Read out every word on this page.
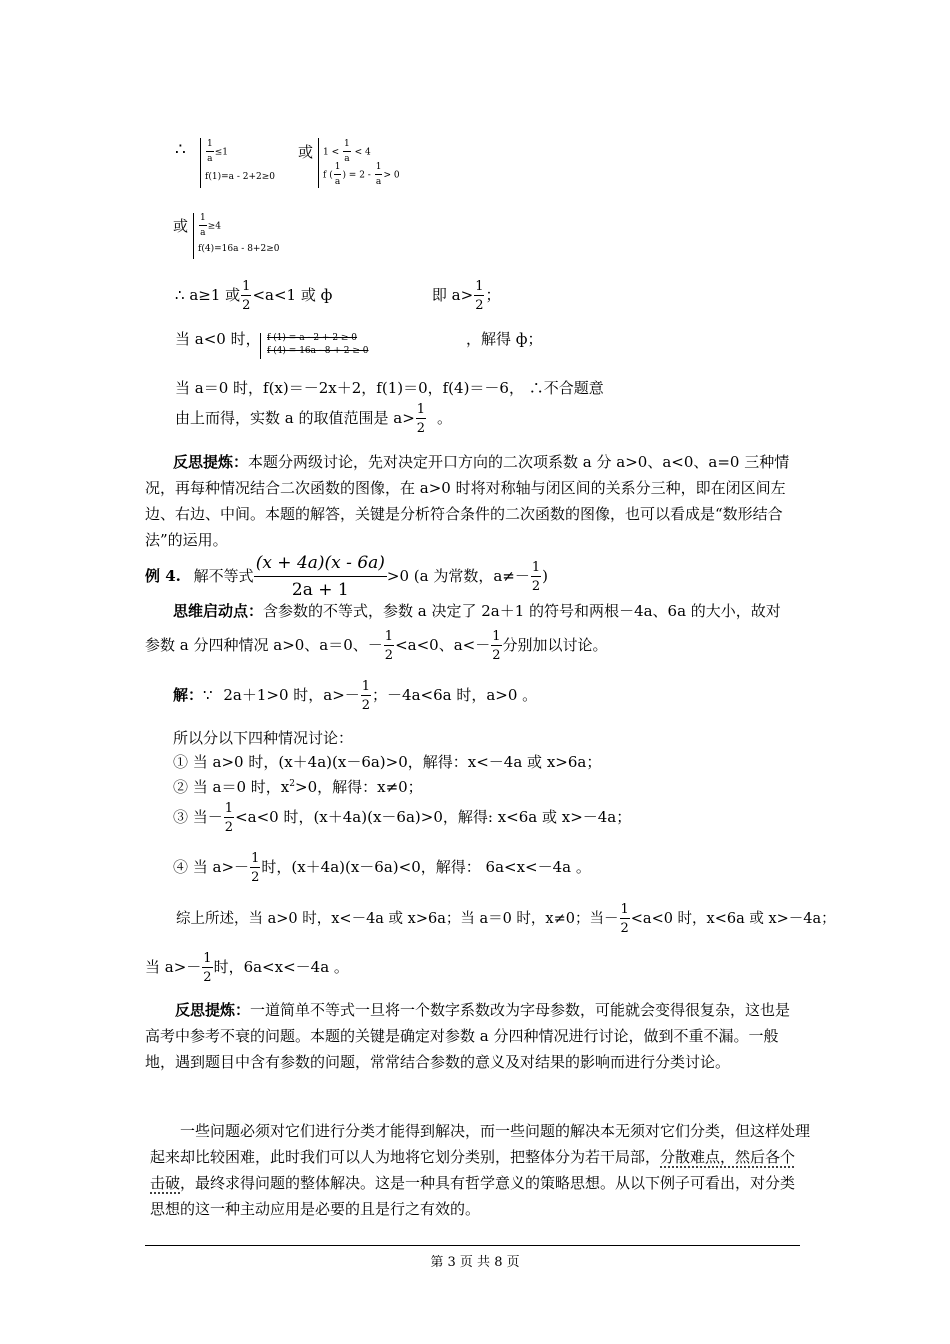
∴ $\frac{1}{a} \le 1$
f(1)=a - 2+2≥0
或 $1 < \frac{1}{a} < 4$
f ( $\frac{1}{a}$ ) = $2 - \frac{1}{a} > 0$
或 $\frac{1}{a} \ge 4$
f(4)=16a - 8+2≥0
∴ a≥1 或 $\frac{1}{2} <a<1$ 或 ф	即 $a> \frac{1}{2}$ ；
当 a<0 时， f (1) = a - 2 + 2 ≥ 0
f (4) = 16a - 8 + 2 ≥ 0
，解得 ф；
当 a＝0 时，f(x)＝－2x＋2，f(1)＝0，f(4)＝－6， ∴不合题意
由上而得，实数 a 的取值范围是 $a> \frac{1}{2}$ 。
反思提炼：本题分两级讨论，先对决定开口方向的二次项系数 a 分 a>0、a<0、a=0 三种情况，再每种情况结合二次函数的图像，在 a>0 时将对称轴与闭区间的关系分三种，即在闭区间左边、右边、中间。本题的解答，关键是分析符合条件的二次函数的图像，也可以看成是“数形结合法”的运用。
例 4. 解不等式 $\frac{(x + 4a)(x - 6a)}{2a + 1} >0$ (a 为常数，$a\ne- \frac{1}{2}$ )
思维启动点：含参数的不等式，参数 a 决定了 2a＋1 的符号和两根－4a、6a 的大小，故对
参数 a 分四种情况 a>0、a＝0、－ $\frac{1}{2} <a<0$、$a<- \frac{1}{2}$ 分别加以讨论。
解：∵ 2a＋1>0 时，$a>- \frac{1}{2}$ ；－4a<6a 时，a>0 。
所以分以下四种情况讨论：
① 当 a>0 时，(x＋4a)(x－6a)>0，解得：x<－4a 或 x>6a；
② 当 a＝0 时，$x^2>0$，解得：x≠0；
③ 当－ $\frac{1}{2} <a<0$ 时，(x＋4a)(x－6a)>0，解得: x<6a 或 x>－4a；
④ 当 $a>- \frac{1}{2}$ 时，(x＋4a)(x－6a)<0，解得： 6a<x<－4a 。
综上所述，当 a>0 时，x<－4a 或 x>6a；当 a＝0 时，x≠0；当－ $\frac{1}{2} <a<0$ 时，x<6a 或 x>－4a；
当 $a>- \frac{1}{2}$ 时，6a<x<－4a 。
反思提炼：一道简单不等式一旦将一个数字系数改为字母参数，可能就会变得很复杂，这也是高考中参考不衰的问题。本题的关键是确定对参数 a 分四种情况进行讨论，做到不重不漏。一般地，遇到题目中含有参数的问题，常常结合参数的意义及对结果的影响而进行分类讨论。
一些问题必须对它们进行分类才能得到解决，而一些问题的解决本无须对它们分类，但这样处理起来却比较困难，此时我们可以人为地将它划分类别，把整体分为若干局部，分散难点，然后各个击破，最终求得问题的整体解决。这是一种具有哲学意义的策略思想。从以下例子可看出，对分类思想的这一种主动应用是必要的且是行之有效的。
第 3 页 共 8 页
